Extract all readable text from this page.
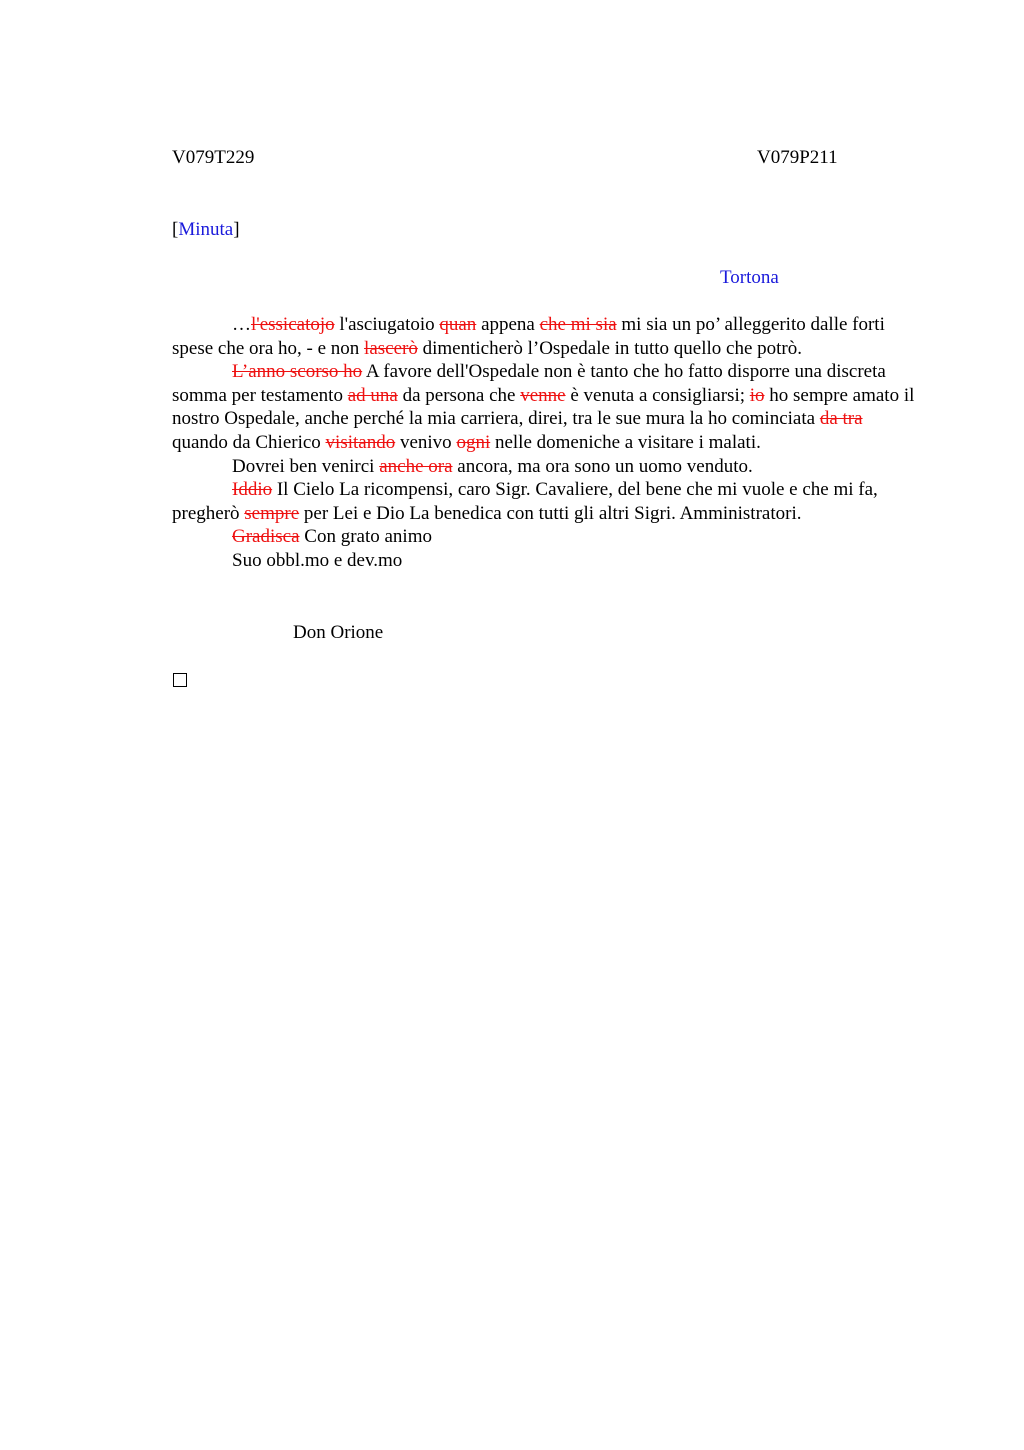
V079T229	V079P211
[Minuta]
Tortona

…l'essicatojo l'asciugatoio quan appena che mi sia mi sia un po’ alleggerito dalle forti spese che ora ho, - e non lascerò dimenticherò l’Ospedale in tutto quello che potrò.

L’anno scorso ho A favore dell'Ospedale non è tanto che ho fatto disporre una discreta somma per testamento ad una da persona che venne è venuta a consigliarsi; io ho sempre amato il nostro Ospedale, anche perché la mia carriera, direi, tra le sue mura la ho cominciata da tra quando da Chierico visitando venivo ogni nelle domeniche a visitare i malati.

Dovrei ben venirci anche ora ancora, ma ora sono un uomo venduto.

Iddio Il Cielo La ricompensi, caro Sigr. Cavaliere, del bene che mi vuole e che mi fa, pregherò sempre per Lei e Dio La benedica con tutti gli altri Sigri. Amministratori.

Gradisca Con grato animo

Suo obbl.mo e dev.mo

Don Orione
